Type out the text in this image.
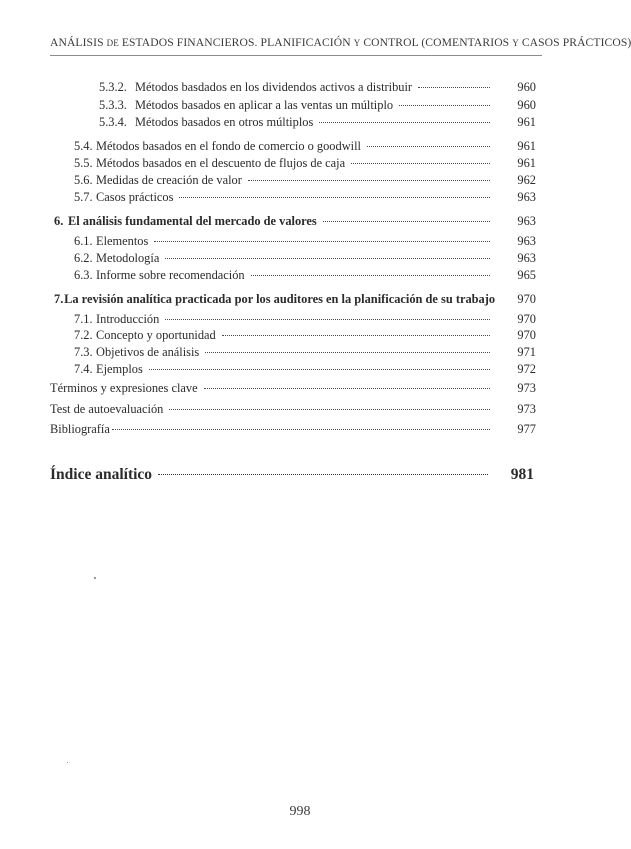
ANÁLISIS DE ESTADOS FINANCIEROS. PLANIFICACIÓN Y CONTROL (COMENTARIOS Y CASOS PRÁCTICOS)
5.3.2. Métodos basdados en los dividendos activos a distribuir	960
5.3.3. Métodos basados en aplicar a las ventas un múltiplo	960
5.3.4. Métodos basados en otros múltiplos	961
5.4. Métodos basados en el fondo de comercio o goodwill	961
5.5. Métodos basados en el descuento de flujos de caja	961
5.6. Medidas de creación de valor	962
5.7. Casos prácticos	963
6. El análisis fundamental del mercado de valores	963
6.1. Elementos	963
6.2. Metodología	963
6.3. Informe sobre recomendación	965
7. La revisión analítica practicada por los auditores en la planificación de su trabajo	970
7.1. Introducción	970
7.2. Concepto y oportunidad	970
7.3. Objetivos de análisis	971
7.4. Ejemplos	972
Términos y expresiones clave	973
Test de autoevaluación	973
Bibliografía	977
Índice analítico	981
998
